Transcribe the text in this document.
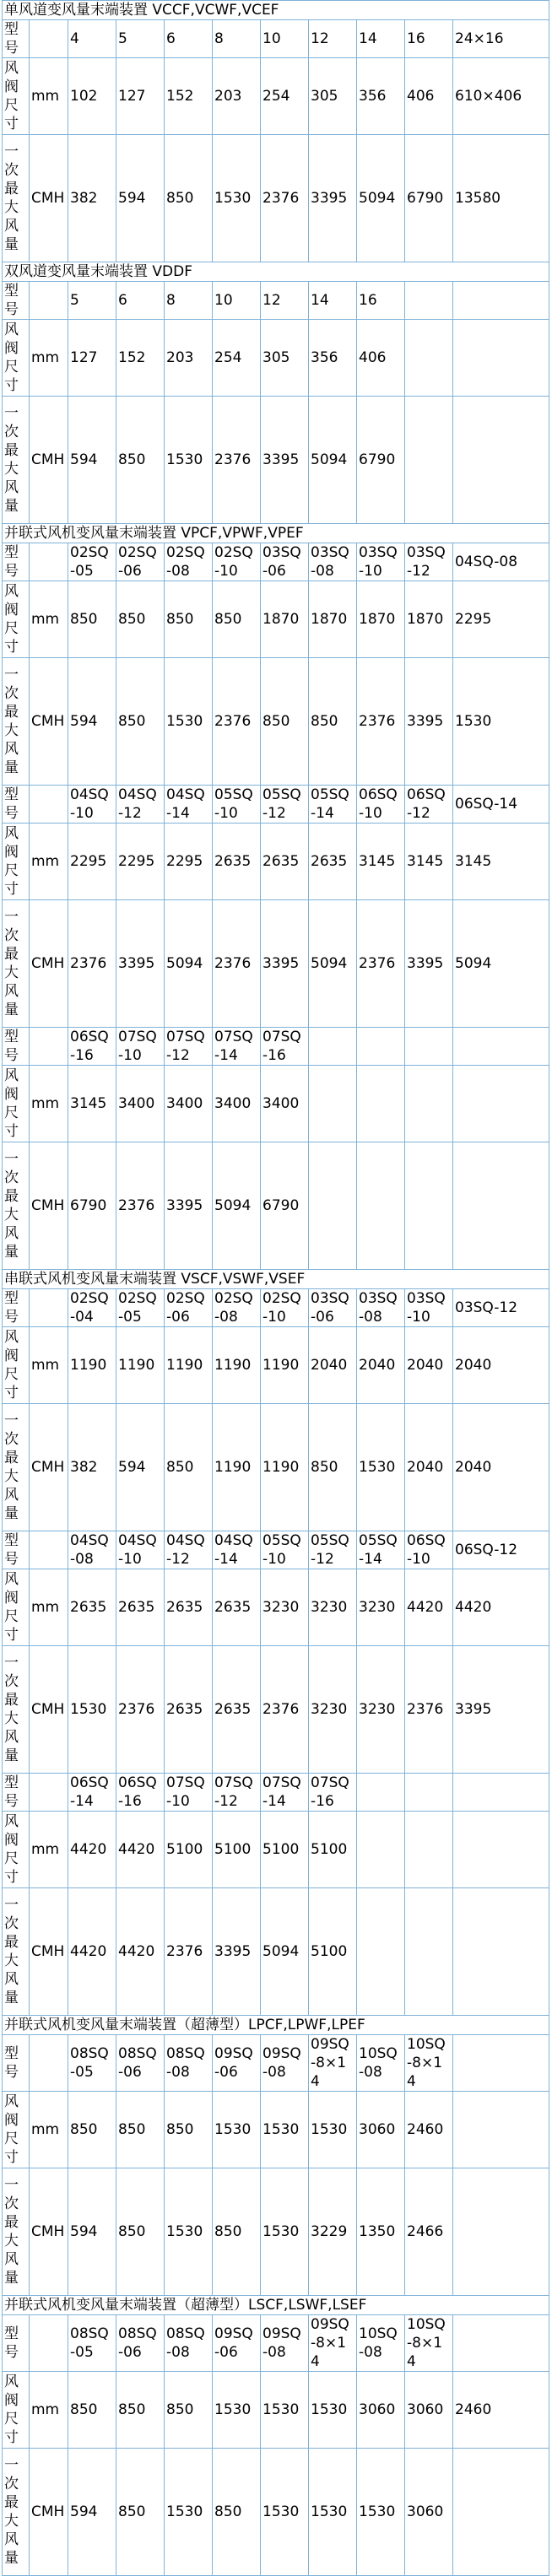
单风道变风量末端装置 VCCF,VCWF,VCEF										
型号		4	5	6	8	10	12	14	16	24×16
风阀尺寸	mm	102	127	152	203	254	305	356	406	610×406
一次最大风量	CMH	382	594	850	1530	2376	3395	5094	6790	13580
双风道变风量末端装置 VDDF										
型号		5	6	8	10	12	14	16		
风阀尺寸	mm	127	152	203	254	305	356	406		
一次最大风量	CMH	594	850	1530	2376	3395	5094	6790		
并联式风机变风量末端装置 VPCF,VPWF,VPEF										
型号		02SQ-05	02SQ-06	02SQ-08	02SQ-10	03SQ-06	03SQ-08	03SQ-10	03SQ-12	04SQ-08
风阀尺寸	mm	850	850	850	850	1870	1870	1870	1870	2295
一次最大风量	CMH	594	850	1530	2376	850	850	2376	3395	1530
型号		04SQ-10	04SQ-12	04SQ-14	05SQ-10	05SQ-12	05SQ-14	06SQ-10	06SQ-12	06SQ-14
风阀尺寸	mm	2295	2295	2295	2635	2635	2635	3145	3145	3145
一次最大风量	CMH	2376	3395	5094	2376	3395	5094	2376	3395	5094
型号		06SQ-16	07SQ-10	07SQ-12	07SQ-14	07SQ-16				
风阀尺寸	mm	3145	3400	3400	3400	3400				
一次最大风量	CMH	6790	2376	3395	5094	6790				
串联式风机变风量末端装置 VSCF,VSWF,VSEF										
型号		02SQ-04	02SQ-05	02SQ-06	02SQ-08	02SQ-10	03SQ-06	03SQ-08	03SQ-10	03SQ-12
风阀尺寸	mm	1190	1190	1190	1190	1190	2040	2040	2040	2040
一次最大风量	CMH	382	594	850	1190	1190	850	1530	2040	2040
型号		04SQ-08	04SQ-10	04SQ-12	04SQ-14	05SQ-10	05SQ-12	05SQ-14	06SQ-10	06SQ-12
风阀尺寸	mm	2635	2635	2635	2635	3230	3230	3230	4420	4420
一次最大风量	CMH	1530	2376	2635	2635	2376	3230	3230	2376	3395
型号		06SQ-14	06SQ-16	07SQ-10	07SQ-12	07SQ-14	07SQ-16			
风阀尺寸	mm	4420	4420	5100	5100	5100	5100			
一次最大风量	CMH	4420	4420	2376	3395	5094	5100			
并联式风机变风量末端装置（超薄型）LPCF,LPWF,LPEF										
型号		08SQ-05	08SQ-06	08SQ-08	09SQ-06	09SQ-08	09SQ-8×14	10SQ-08	10SQ-8×14	
风阀尺寸	mm	850	850	850	1530	1530	1530	3060	2460	
一次最大风量	CMH	594	850	1530	850	1530	3229	1350	2466	
并联式风机变风量末端装置（超薄型）LSCF,LSWF,LSEF										
型号		08SQ-05	08SQ-06	08SQ-08	09SQ-06	09SQ-08	09SQ-8×14	10SQ-08	10SQ-8×14	
风阀尺寸	mm	850	850	850	1530	1530	1530	3060	3060	2460
一次最大风量	CMH	594	850	1530	850	1530	1530	1530	3060	
